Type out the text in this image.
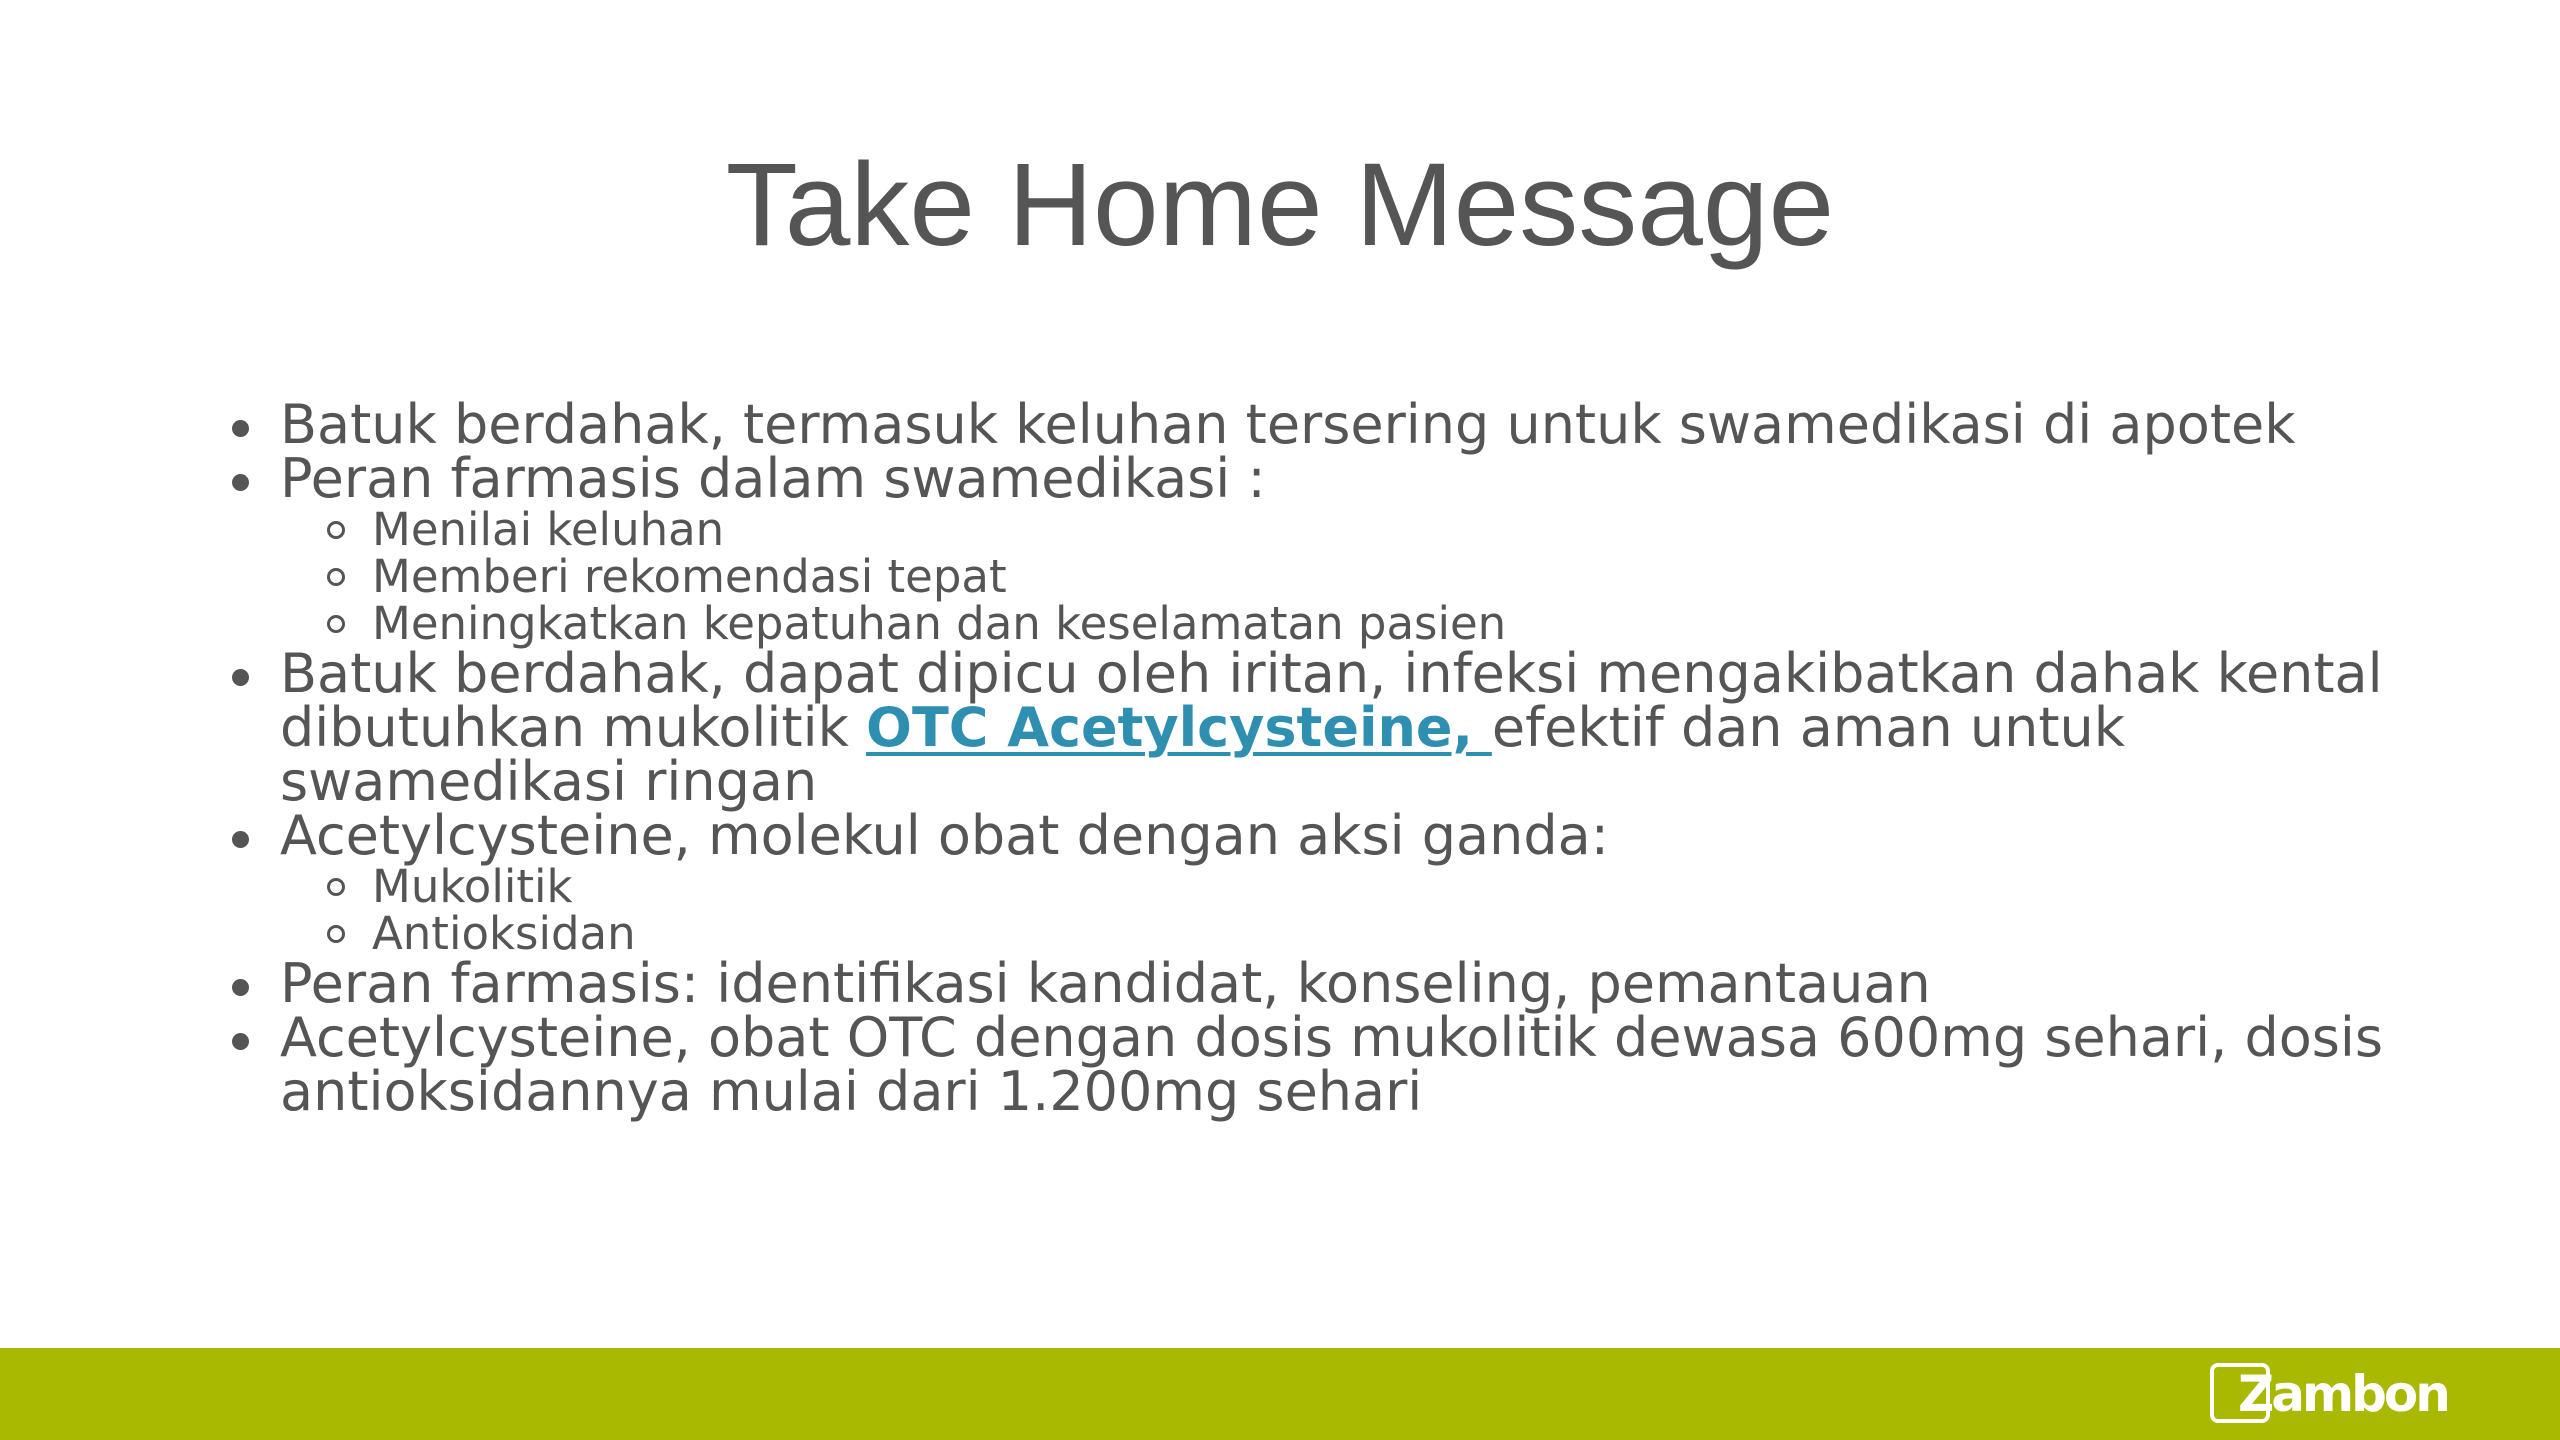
Take Home Message
Batuk berdahak, termasuk keluhan tersering untuk swamedikasi di apotek
Peran farmasis dalam swamedikasi :
Menilai keluhan
Memberi rekomendasi tepat
Meningkatkan kepatuhan dan keselamatan pasien
Batuk berdahak, dapat dipicu oleh iritan, infeksi mengakibatkan dahak kental dibutuhkan mukolitik OTC Acetylcysteine, efektif dan aman untuk swamedikasi ringan
Acetylcysteine, molekul obat dengan aksi ganda:
Mukolitik
Antioksidan
Peran farmasis: identifikasi kandidat, konseling, pemantauan
Acetylcysteine, obat OTC dengan dosis mukolitik dewasa 600mg sehari, dosis antioksidannya mulai dari 1.200mg sehari
Zambon
